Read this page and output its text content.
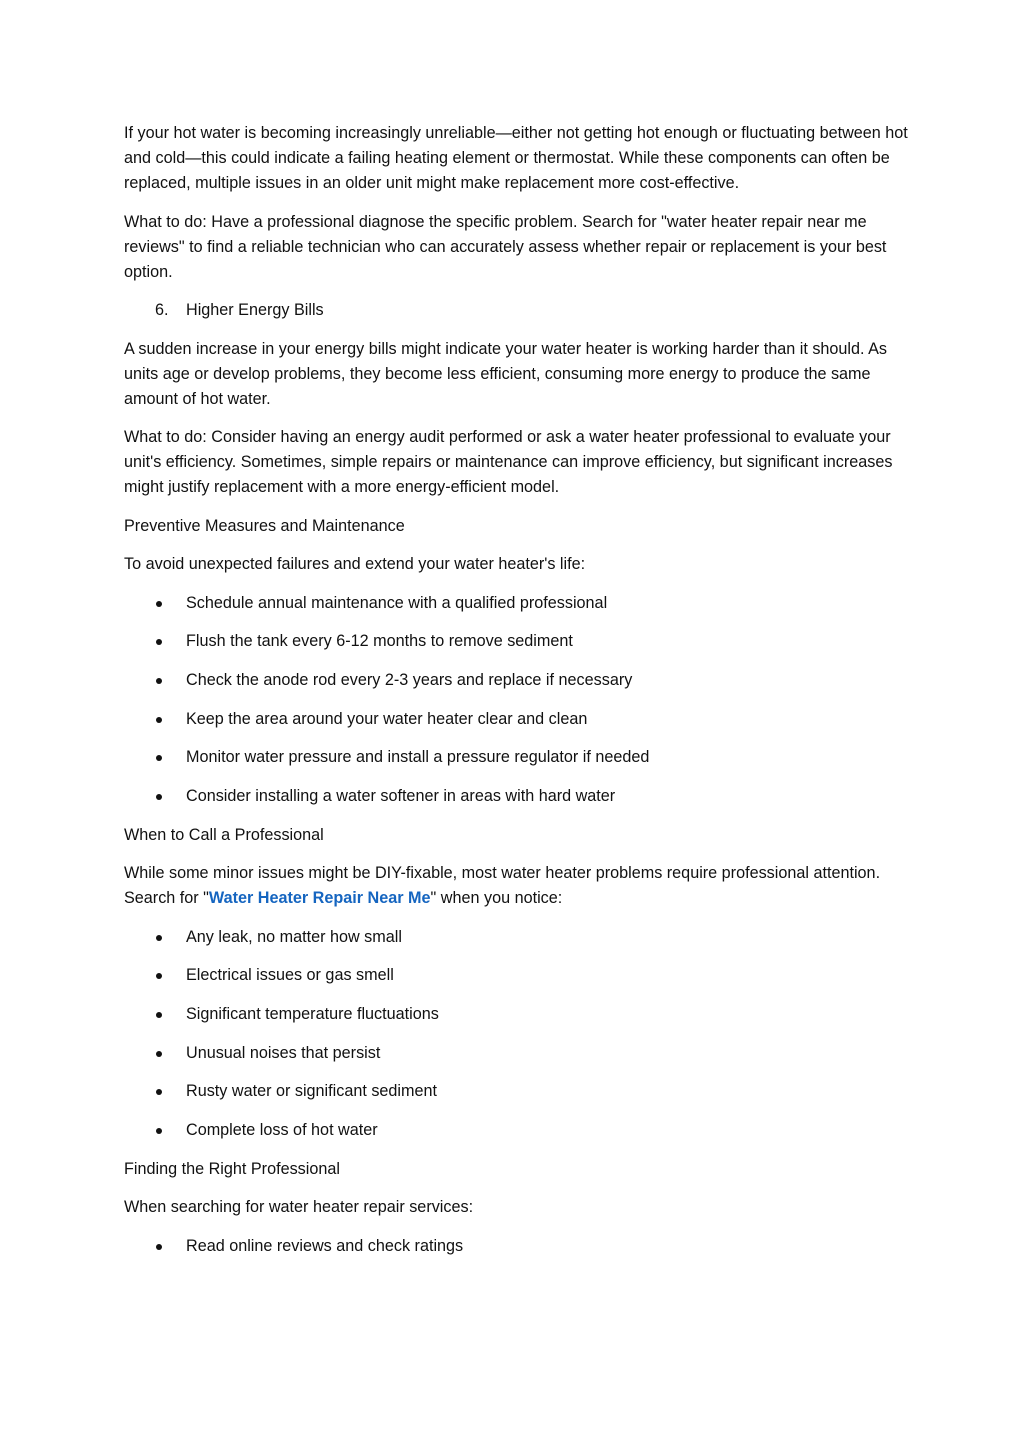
If your hot water is becoming increasingly unreliable—either not getting hot enough or fluctuating between hot and cold—this could indicate a failing heating element or thermostat. While these components can often be replaced, multiple issues in an older unit might make replacement more cost-effective.

What to do: Have a professional diagnose the specific problem. Search for "water heater repair near me reviews" to find a reliable technician who can accurately assess whether repair or replacement is your best option.

6.	Higher Energy Bills

A sudden increase in your energy bills might indicate your water heater is working harder than it should. As units age or develop problems, they become less efficient, consuming more energy to produce the same amount of hot water.

What to do: Consider having an energy audit performed or ask a water heater professional to evaluate your unit's efficiency. Sometimes, simple repairs or maintenance can improve efficiency, but significant increases might justify replacement with a more energy-efficient model.

Preventive Measures and Maintenance

To avoid unexpected failures and extend your water heater's life:

Schedule annual maintenance with a qualified professional
Flush the tank every 6-12 months to remove sediment
Check the anode rod every 2-3 years and replace if necessary
Keep the area around your water heater clear and clean
Monitor water pressure and install a pressure regulator if needed
Consider installing a water softener in areas with hard water

When to Call a Professional

While some minor issues might be DIY-fixable, most water heater problems require professional attention. Search for "Water Heater Repair Near Me" when you notice:

Any leak, no matter how small
Electrical issues or gas smell
Significant temperature fluctuations
Unusual noises that persist
Rusty water or significant sediment
Complete loss of hot water

Finding the Right Professional

When searching for water heater repair services:

Read online reviews and check ratings
